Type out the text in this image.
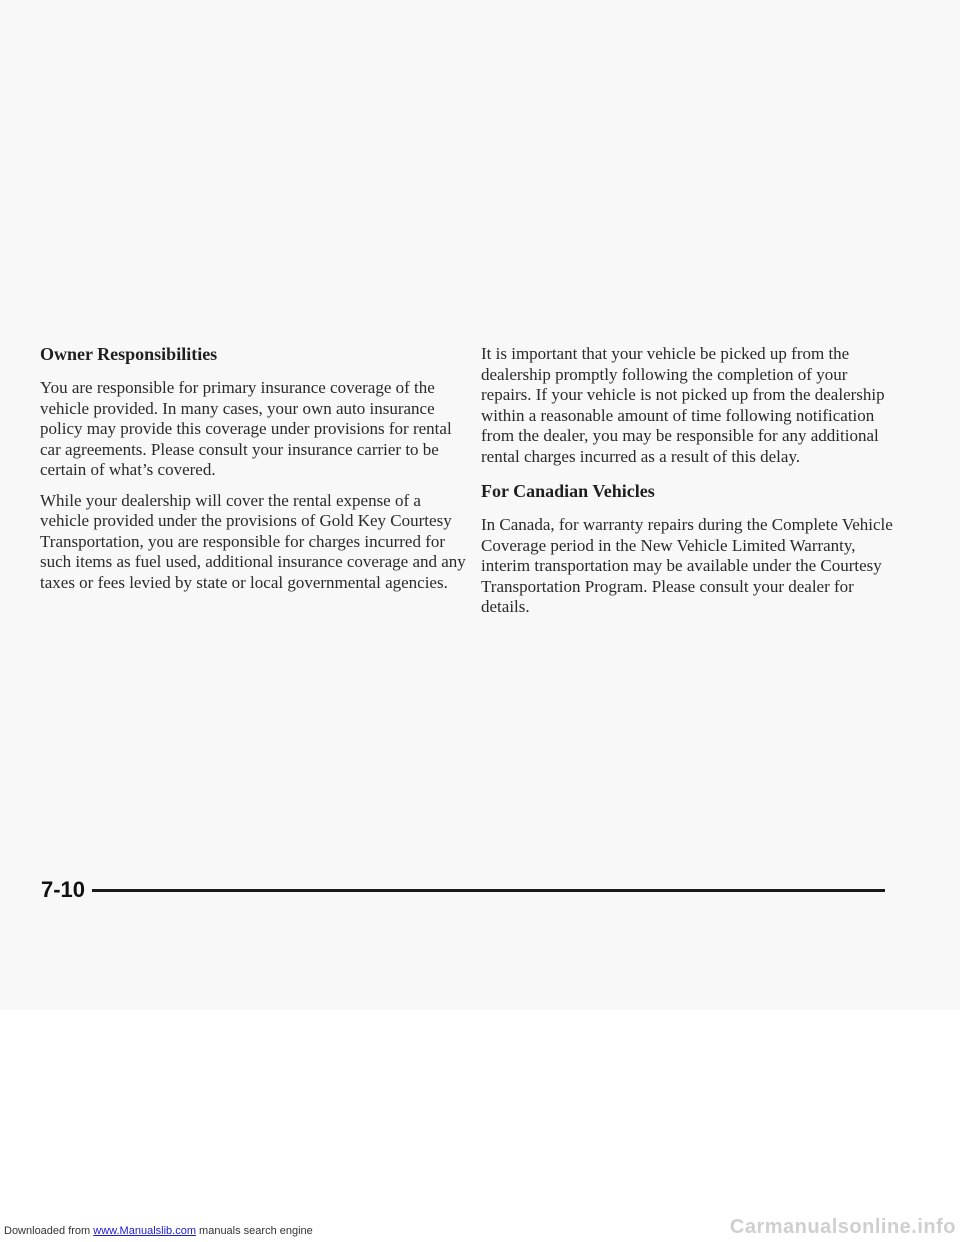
Owner Responsibilities

You are responsible for primary insurance coverage of the vehicle provided. In many cases, your own auto insurance policy may provide this coverage under provisions for rental car agreements. Please consult your insurance carrier to be certain of what’s covered.

While your dealership will cover the rental expense of a vehicle provided under the provisions of Gold Key Courtesy Transportation, you are responsible for charges incurred for such items as fuel used, additional insurance coverage and any taxes or fees levied by state or local governmental agencies.

It is important that your vehicle be picked up from the dealership promptly following the completion of your repairs. If your vehicle is not picked up from the dealership within a reasonable amount of time following notification from the dealer, you may be responsible for any additional rental charges incurred as a result of this delay.

For Canadian Vehicles

In Canada, for warranty repairs during the Complete Vehicle Coverage period in the New Vehicle Limited Warranty, interim transportation may be available under the Courtesy Transportation Program. Please consult your dealer for details.

7-10
Downloaded from www.Manualslib.com manuals search engine	Carmanualsonline.info
